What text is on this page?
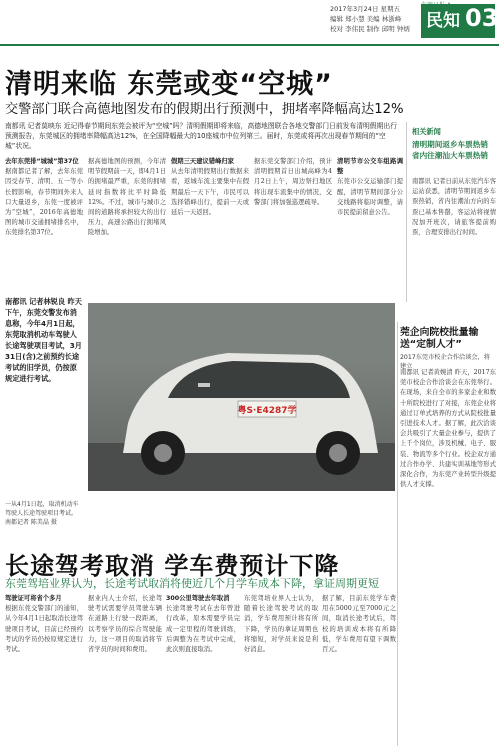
2017年3月24日 星期五
编辑 郑小慧 美编 林浙峰
校对 李伟民 制作 邱明 钟炳 民知 03
清明来临 东莞或变“空城”
交警部门联合高德地图发布的假期出行预测中，拥堵率降幅高达12%
南都讯 记者莫映东 近记得春节期间东莞会被评为“空城”吗？清明假期即将来临，高德地图联合各地交警部门日前发布清明假期出行预测报告，东莞城区的拥堵率降幅高达12%，在全国降幅最大的10座城市中位列第三。届时，东莞或将再次出现春节期间的“空城”状况。
去年东莞排“城城”第37位
据南都记者了解，去年东莞因受春节、清明、五一等小长假影响，春节期间外来人口大量返乡，东莞一度被评为“空城”，2016年高德地图的城市交通拥堵排名中，东莞排名第37位。
据高德地图的预测，今年清明节假期前一天，即4月1日的拥堵最严重，东莞的拥堵延时指数将比平时降低12%。不过，城市与城市之间的道路将承担较大的出行压力，高速公路出行拥堵风险增加。
假期三天建议错峰归家
从去年清明假期出行数据来看，返城车流主要集中在假期最后一天下午，市民可以选择错峰出行，提前一天或延后一天返回。
据东莞交警部门介绍，预计清明假期首日出城高峰为4月2日上午，周边祭扫地区将出现车流集中的情况，交警部门将加强巡逻疏导。
清明节市公交车组路调整
东莞市公交运输部门提醒，清明节期间部分公交线路将临时调整，请市民提前留意公告。
相关新闻
清明期间返乡车票热销 省内往潮汕大车票热销
南都讯 记者日前从东莞汽车客运站获悉，清明节期间返乡车票热销，省内往潮汕方向的车票已基本售罄，客运站将视情况加开班次，请旅客提前购票，合理安排出行时间。
南都讯 记者林锐良 昨天下午，东莞交警发布消息称，今年4月1日起，东莞取消机动车驾驶人长途驾驶项目考试，3月31日(含)之前预约长途考试的旧学员，仍按原规定进行考试。
粤S·E4287学
一从4月1日起，取消机动车驾驶人长途驾驶项目考试。 南都记者 陈美晶 摄
莞企向院校批量输送“定制人才”
2017东莞市校企合作洽谈会，将建立
南都讯 记者黄婉清 昨天，2017东莞市校企合作洽谈会在东莞举行。在现场，来自全市的多家企业和数十所院校进行了对接，东莞企业将通过订单式培养的方式从院校批量引进技术人才。据了解，此次洽谈会共吸引了大量企业参与，提供了上千个岗位，涉及机械、电子、服装、物流等多个行业。校企双方通过合作办学、共建实训基地等形式深化合作，为东莞产业转型升级提供人才支撑。
长途驾考取消 学车费预计下降
东莞驾培业界认为，长途考试取消将使近几个月学车成本下降，拿证周期更短
驾驶证可将省个多月
根据东莞交警部门的通知，从今年4月1日起取消长途驾驶项目考试，目前已经预约考试的学员仍按原规定进行考试。
据业内人士介绍，长途驾驶考试需要学员驾驶车辆在道路上行驶一段距离，以考察学员的综合驾驶能力，这一项目的取消将节省学员的时间和费用。
300公里驾驶去年取消
长途驾驶考试在去年曾进行改革，原本需要学员完成一定里程的驾驶训练，后调整为在考试中完成，此次则直接取消。
东莞驾培业界人士认为，随着长途驾驶考试的取消，学车费用预计将有所下降，学员的拿证周期也将缩短，对学员来说是利好消息。
据了解，目前东莞学车费用在5000元至7000元之间，取消长途考试后，驾校的培训成本将有所降低，学车费用有望下调数百元。
